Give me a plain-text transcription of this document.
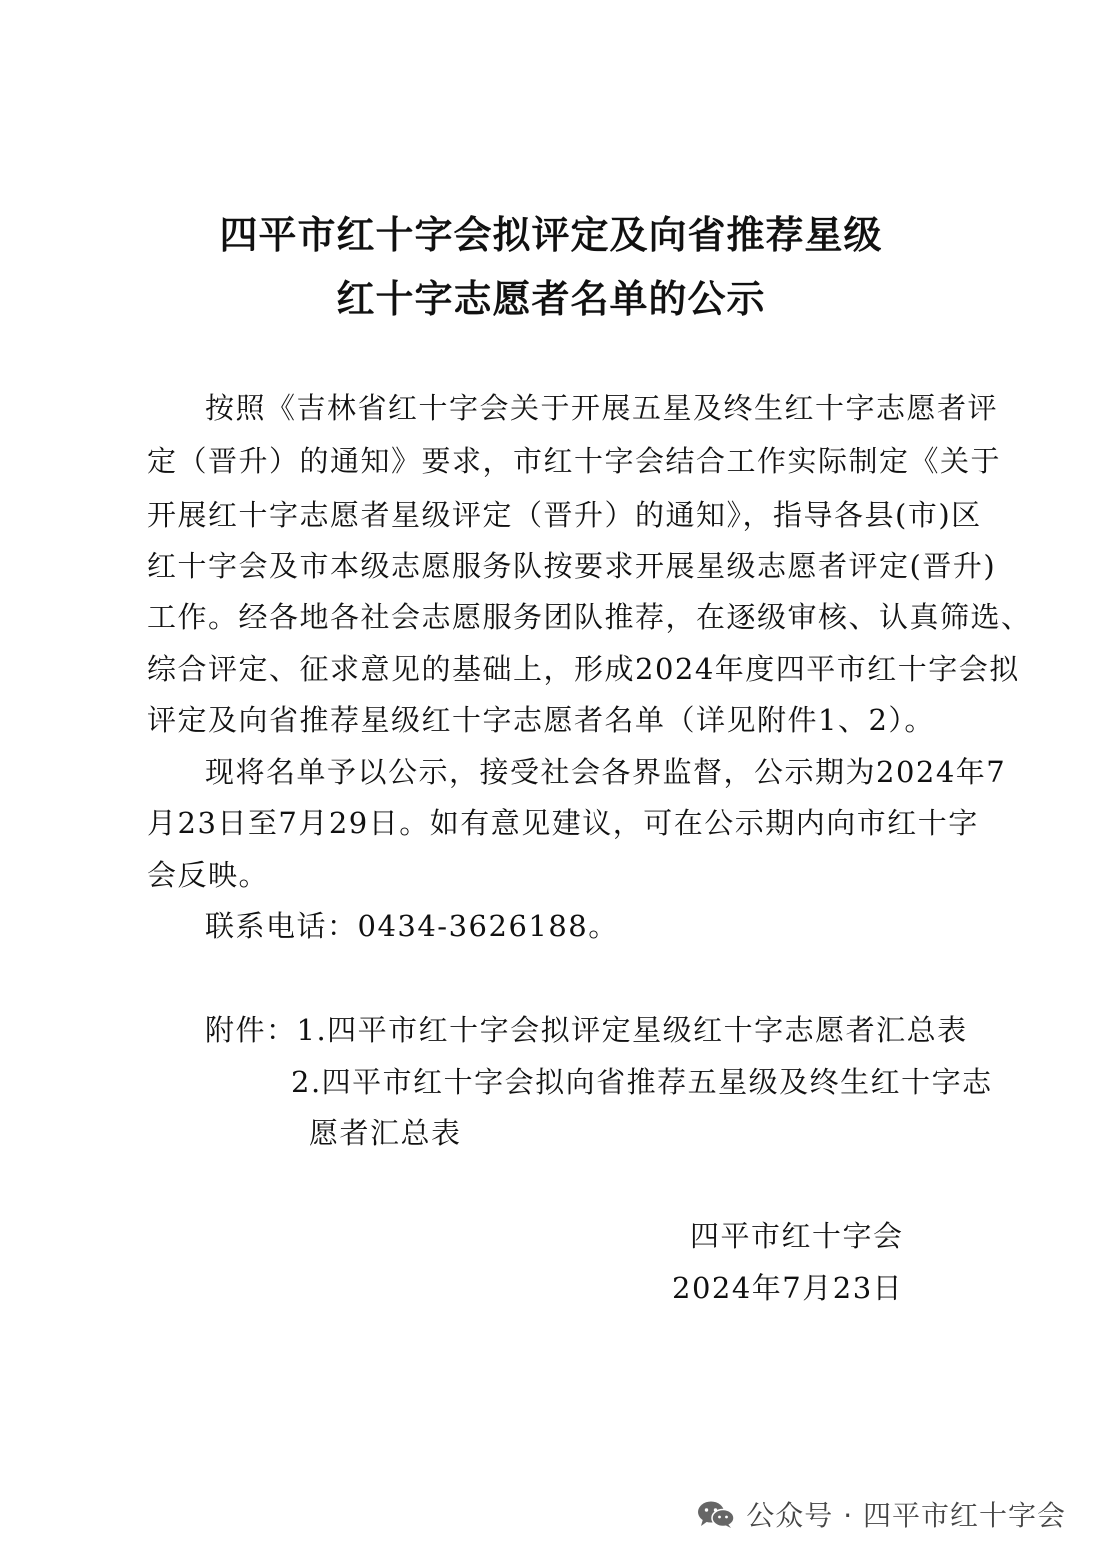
四平市红十字会拟评定及向省推荐星级
红十字志愿者名单的公示

按照《吉林省红十字会关于开展五星及终生红十字志愿者评

定（晋升）的通知》要求，市红十字会结合工作实际制定《关于

开展红十字志愿者星级评定（晋升）的通知》，指导各县(市)区

红十字会及市本级志愿服务队按要求开展星级志愿者评定(晋升)

工作。经各地各社会志愿服务团队推荐，在逐级审核、认真筛选、

综合评定、征求意见的基础上，形成2024年度四平市红十字会拟

评定及向省推荐星级红十字志愿者名单（详见附件1、2）。

现将名单予以公示，接受社会各界监督，公示期为2024年7

月23日至7月29日。如有意见建议，可在公示期内向市红十字

会反映。

联系电话：0434-3626188。

附件：1.四平市红十字会拟评定星级红十字志愿者汇总表

2.四平市红十字会拟向省推荐五星级及终生红十字志

愿者汇总表

四平市红十字会

2024年7月23日

公众号 · 四平市红十字会
